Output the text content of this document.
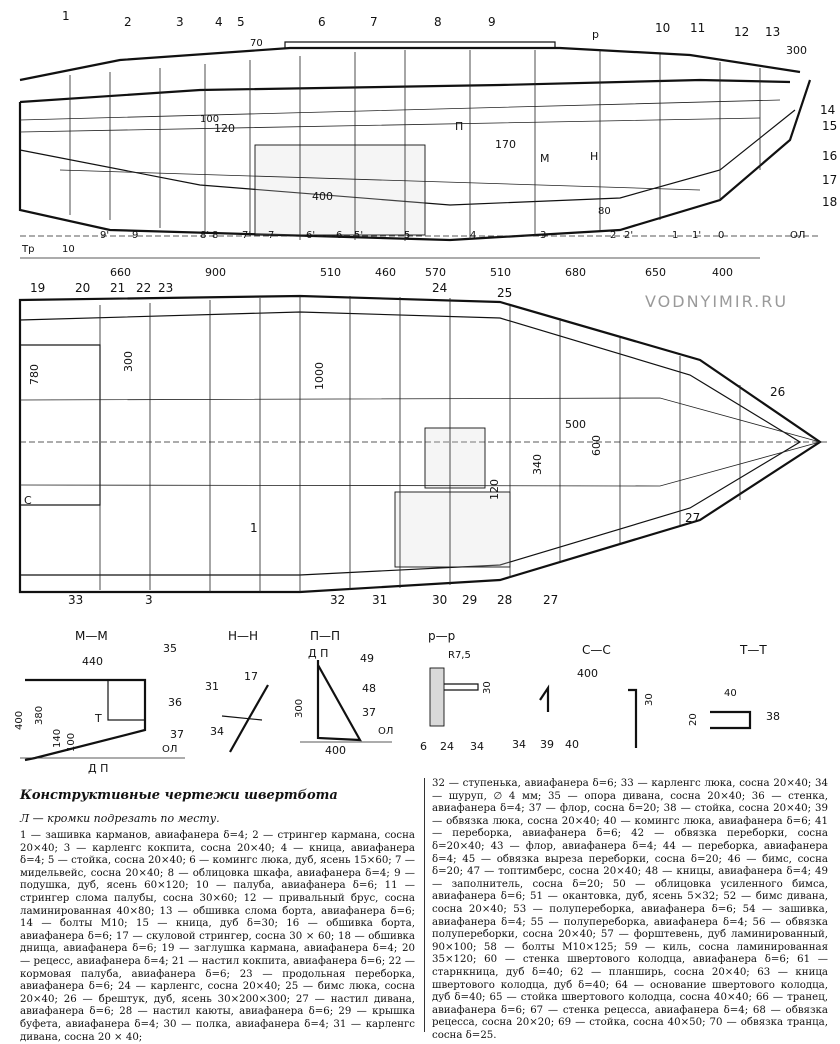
VODNYIMIR.RU
660	900	510	460	570	510	680	650	400
1	2	3	4 5	6	7	8	9	10 11 12 13
14
15
16
17
18
Тр	10
9' 9	8' 8 7' 7	6' 6 5'	5	4	3	2 2'	1 1' 0	ОЛ
300
70
100
120
170
400
80
р
П
М	Н
780
300
1000
500
600
340
120
С
19 20 21 22 23	24	25
26
27
27
28
29
30
31
32
33	3
1
М—М
440
400 380
140 100
35
36
37
Т
Д П
ОЛ
Н—Н
31
17
34
П—П
300
400
49
48
37
Д П
ОЛ
р—р
R7,5
30
6 24 34
С—С
400
30
34 39 40
Т—Т
40
20	38
Конструктивные чертежи швертбота
Л — кромки подрезать по месту.
1 — зашивка карманов, авиафанера δ=4; 2 — стрингер кармана, сосна 20×40; 3 — карленгс кокпита, сосна 20×40; 4 — кница, авиафанера δ=4; 5 — стойка, сосна 20×40; 6 — комингс люка, дуб, ясень 15×60; 7 — мидельвейс, сосна 20×40; 8 — облицовка шкафа, авиафанера δ=4; 9 — подушка, дуб, ясень 60×120; 10 — палуба, авиафанера δ=6; 11 — стрингер слома палубы, сосна 30×60; 12 — привальный брус, сосна ламинированная 40×80; 13 — обшивка слома борта, авиафанера δ=6; 14 — болты М10; 15 — кница, дуб δ=30; 16 — обшивка борта, авиафанера δ=6; 17 — скуловой стрингер, сосна 30 × 60; 18 — обшивка днища, авиафанера δ=6; 19 — заглушка кармана, авиафанера δ=4; 20 — рецесс, авиафанера δ=4; 21 — настил кокпита, авиафанера δ=6; 22 — кормовая палуба, авиафанера δ=6; 23 — продольная переборка, авиафанера δ=6; 24 — карленгс, сосна 20×40; 25 — бимс люка, сосна 20×40; 26 — брештук, дуб, ясень 30×200×300; 27 — настил дивана, авиафанера δ=6; 28 — настил каюты, авиафанера δ=6; 29 — крышка буфета, авиафанера δ=4; 30 — полка, авиафанера δ=4; 31 — карленгс дивана, сосна 20 × 40;
32 — ступенька, авиафанера δ=6; 33 — карленгс люка, сосна 20×40; 34 — шуруп, ∅ 4 мм; 35 — опора дивана, сосна 20×40; 36 — стенка, авиафанера δ=4; 37 — флор, сосна δ=20; 38 — стойка, сосна 20×40; 39 — обвязка люка, сосна 20×40; 40 — комингс люка, авиафанера δ=6; 41 — переборка, авиафанера δ=6; 42 — обвязка переборки, сосна δ=20×40; 43 — флор, авиафанера δ=4; 44 — переборка, авиафанера δ=4; 45 — обвязка выреза переборки, сосна δ=20; 46 — бимс, сосна δ=20; 47 — топтимберс, сосна 20×40; 48 — кницы, авиафанера δ=4; 49 — заполнитель, сосна δ=20; 50 — облицовка усиленного бимса, авиафанера δ=6; 51 — окантовка, дуб, ясень 5×32; 52 — бимс дивана, сосна 20×40; 53 — полупереборка, авиафанера δ=6; 54 — зашивка, авиафанера δ=4; 55 — полупереборка, авиафанера δ=4; 56 — обвязка полупереборки, сосна 20×40; 57 — форштевень, дуб ламинированный, 90×100; 58 — болты М10×125; 59 — киль, сосна ламинированная 35×120; 60 — стенка швертового колодца, авиафанера δ=6; 61 — старнкница, дуб δ=40; 62 — планширь, сосна 20×40; 63 — кница швертового колодца, дуб δ=40; 64 — основание швертового колодца, дуб δ=40; 65 — стойка швертового колодца, сосна 40×40; 66 — транец, авиафанера δ=6; 67 — стенка рецесса, авиафанера δ=4; 68 — обвязка рецесса, сосна 20×20; 69 — стойка, сосна 40×50; 70 — обвязка транца, сосна δ=25.
